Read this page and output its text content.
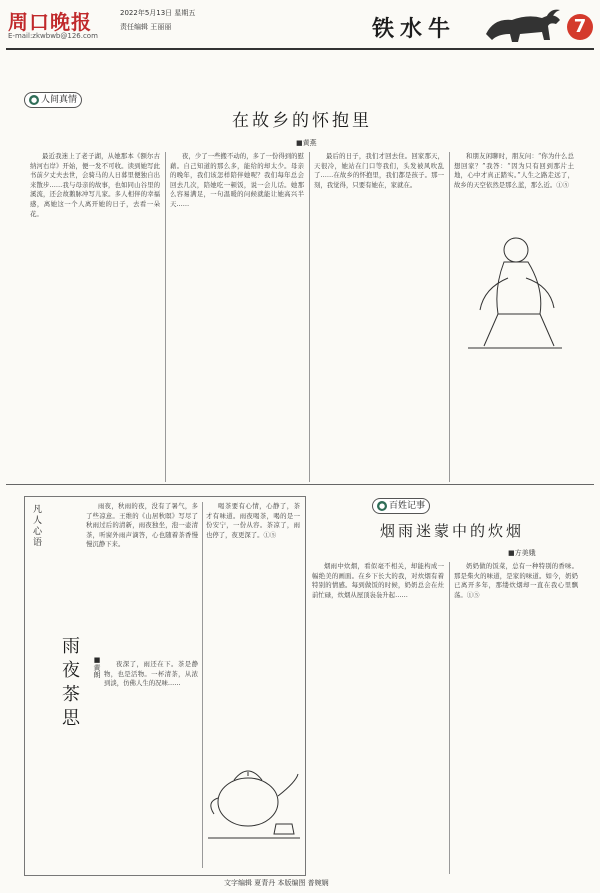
周口晚报
E-mail:zkwbwb@126.com
2022年5月13日 星期五
责任编辑 王丽丽	铁水牛	7
● 人间真情
在故乡的怀抱里
■黄燕
最近我迷上了老子湖，从她那本《额尔古纳河右岸》开始，便一发不可收。读到她写此书前夕丈夫去世，会骑马的人日暮里便独自出来散步……我与母亲的故事，也如同山谷里的溪流，还会故鹅脉冲写儿家。多人相伴的幸福感，离她这一个人离开她的日子，去看一朵花。
夜，少了一些搬不动的，多了一份得到的慰藉。自己知道的那么多，能给的却太少。母亲的晚年，我们该怎样陪伴她呢？我们每年总会回去几次，陪她吃一顿饭，说一会儿话。她那么容易满足，一句温暖的问候就能让她高兴半天……
最后的日子，我们才回去住。回家那天，天很冷，她站在门口等我们，头发被风吹乱了……在故乡的怀抱里，我们都是孩子。那一刻，我觉得，只要有她在，家就在。
和朋友闲聊时，朋友问：“你为什么总想回家？”我答：“因为只有回到那片土地，心中才真正踏实。”人生之路走远了，故乡的天空依然是那么蓝，那么近。①⑤
凡人心语
雨夜茶思 ■黄朗
雨夜，秋雨的夜，没有了暑气，多了些凉意。王维的《山居秋暝》写尽了秋雨过后的清新，雨夜独坐，泡一壶清茶，听窗外雨声滴答，心也随着茶香慢慢沉静下来。
夜深了，雨还在下。茶是静物，也是活物。一杯清茶，从浓到淡，仿佛人生的况味……
喝茶要有心情，心静了，茶才有味道。雨夜喝茶，喝的是一份安宁，一份从容。茶凉了，雨也停了，夜更深了。①⑤
● 百姓记事
烟雨迷蒙中的炊烟
■方美娥
烟雨中炊烟，看似毫不相关，却能构成一幅绝美的画面。在乡下长大的我，对炊烟有着特别的情感。每到做饭的时候，奶奶总会在灶前忙碌，炊烟从屋顶袅袅升起……
奶奶做的饭菜，总有一种特别的香味。那是柴火的味道，是家的味道。如今，奶奶已离开多年，那缕炊烟却一直在我心里飘荡。①⑤
文字编辑 夏青丹 本版编图 普婉娴
